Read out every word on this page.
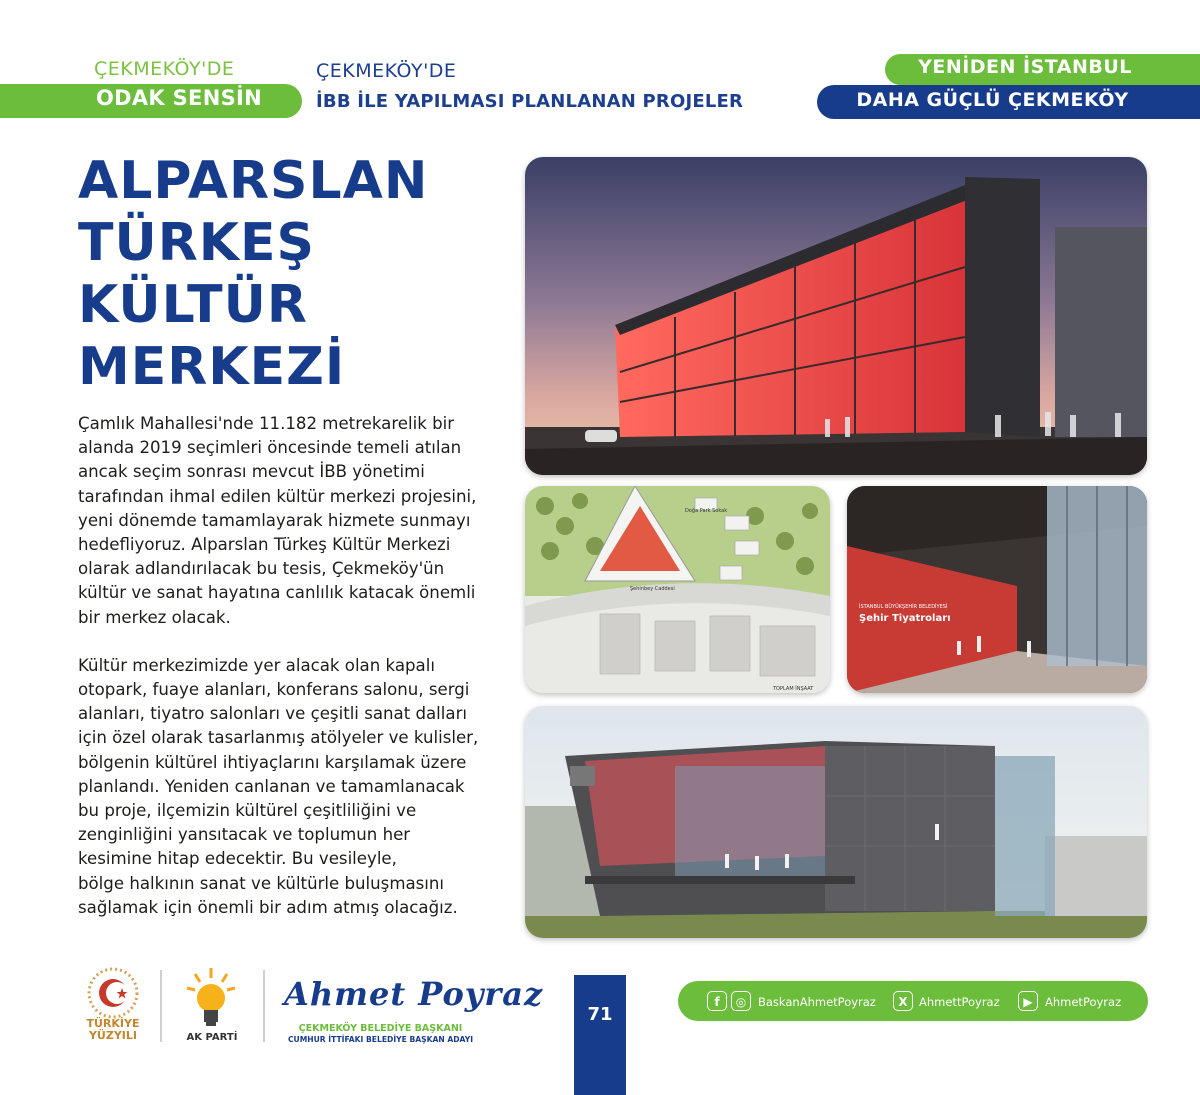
ÇEKMEKÖY'DE
ODAK SENSİN
ÇEKMEKÖY'DE
İBB İLE YAPILMASI PLANLANAN PROJELER
YENİDEN İSTANBUL
DAHA GÜÇLÜ ÇEKMEKÖY
ALPARSLAN
TÜRKEŞ
KÜLTÜR
MERKEZİ

Çamlık Mahallesi'nde 11.182 metrekarelik bir
alanda 2019 seçimleri öncesinde temeli atılan
ancak seçim sonrası mevcut İBB yönetimi
tarafından ihmal edilen kültür merkezi projesini,
yeni dönemde tamamlayarak hizmete sunmayı
hedefliyoruz. Alparslan Türkeş Kültür Merkezi
olarak adlandırılacak bu tesis, Çekmeköy'ün
kültür ve sanat hayatına canlılık katacak önemli
bir merkez olacak.

Kültür merkezimizde yer alacak olan kapalı
otopark, fuaye alanları, konferans salonu, sergi
alanları, tiyatro salonları ve çeşitli sanat dalları
için özel olarak tasarlanmış atölyeler ve kulisler,
bölgenin kültürel ihtiyaçlarını karşılamak üzere
planlandı. Yeniden canlanan ve tamamlanacak
bu proje, ilçemizin kültürel çeşitliliğini ve
zenginliğini yansıtacak ve toplumun her
kesimine hitap edecektir. Bu vesileyle,
bölge halkının sanat ve kültürle buluşmasını
sağlamak için önemli bir adım atmış olacağız.

Şehinbey Caddesi
Doğa Park Sokak
TOPLAM İNŞAAT
İSTANBUL BÜYÜKŞEHİR BELEDİYESİ
Şehir Tiyatroları
TÜRKİYE YÜZYILI	AK PARTİ
Ahmet Poyraz
ÇEKMEKÖY BELEDİYE BAŞKANI
CUMHUR İTTİFAKI BELEDİYE BAŞKAN ADAYI
71
f	◎	BaskanAhmetPoyraz	X AhmettPoyraz	▶	AhmetPoyraz
